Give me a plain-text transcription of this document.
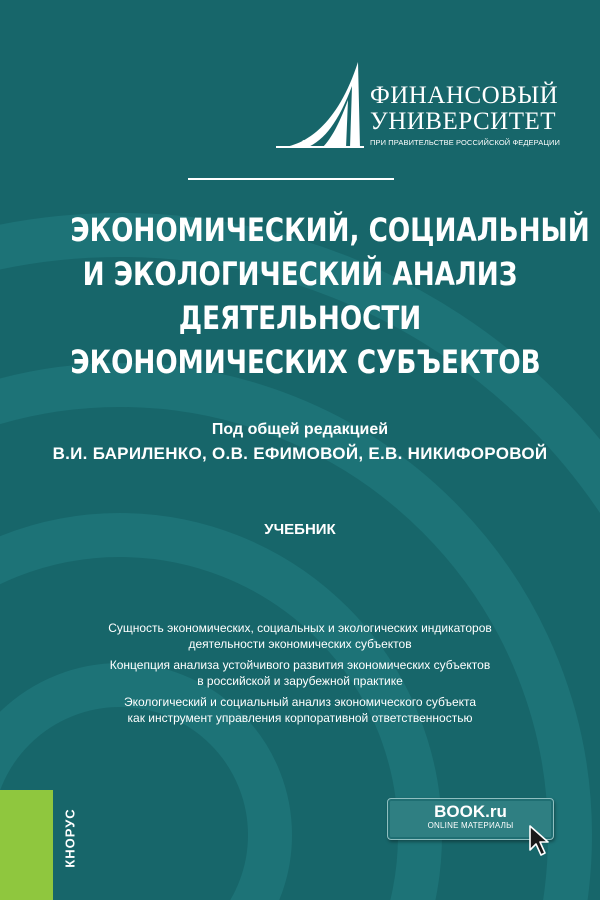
1919
ФИНАНСОВЫЙ
УНИВЕРСИТЕТ
ПРИ ПРАВИТЕЛЬСТВЕ РОССИЙСКОЙ ФЕДЕРАЦИИ
ЭКОНОМИЧЕСКИЙ, СОЦИАЛЬНЫЙ
И ЭКОЛОГИЧЕСКИЙ АНАЛИЗ
ДЕЯТЕЛЬНОСТИ
ЭКОНОМИЧЕСКИХ СУБЪЕКТОВ
Под общей редакцией
В.И. БАРИЛЕНКО, О.В. ЕФИМОВОЙ, Е.В. НИКИФОРОВОЙ
УЧЕБНИК
Сущность экономических, социальных и экологических индикаторов
деятельности экономических субъектов
Концепция анализа устойчивого развития экономических субъектов
в российской и зарубежной практике
Экологический и социальный анализ экономического субъекта
как инструмент управления корпоративной ответственностью
КНОРУС	BOOK.ru
ONLINE МАТЕРИАЛЫ
